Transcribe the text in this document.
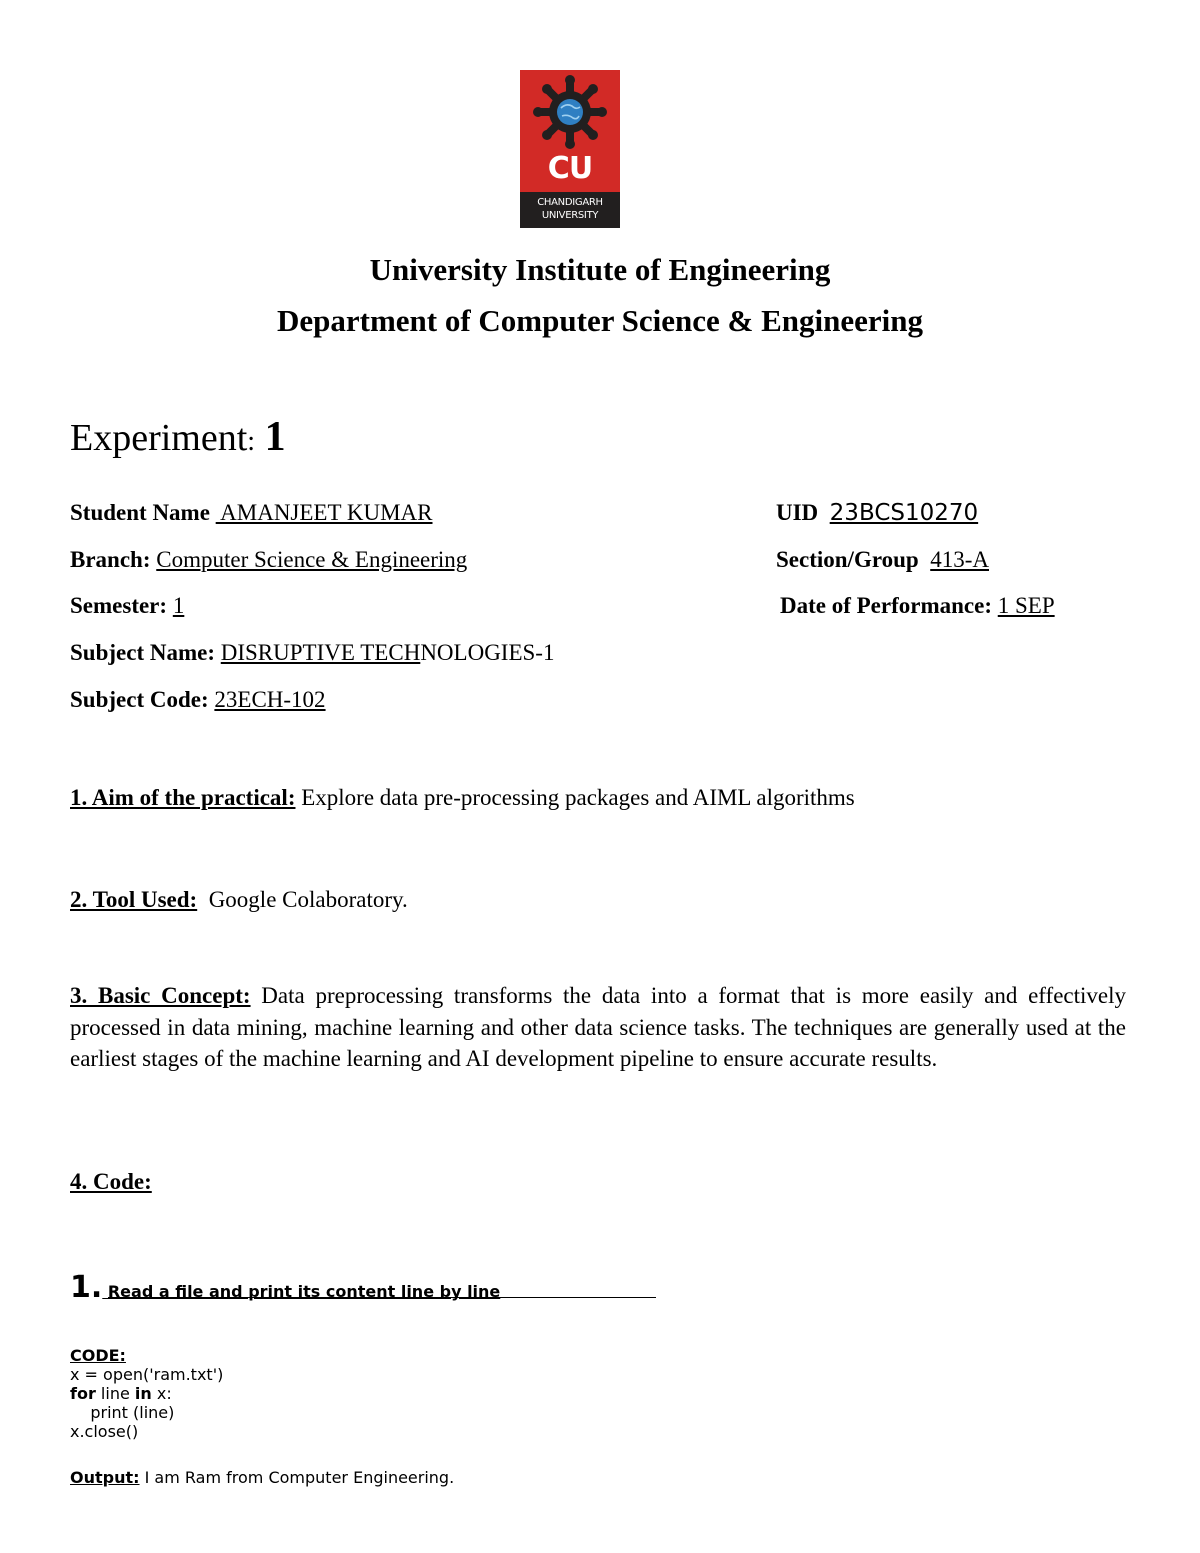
CU
CHANDIGARH
UNIVERSITY
University Institute of Engineering
Department of Computer Science & Engineering
Experiment: 1
Student Name  AMANJEET KUMAR	UID 23BCS10270
Branch: Computer Science & Engineering	Section/Group 413-A
Semester: 1	Date of Performance: 1 SEP
Subject Name: DISRUPTIVE TECHNOLOGIES-1
Subject Code: 23ECH-102
1. Aim of the practical: Explore data pre-processing packages and AIML algorithms
2. Tool Used:  Google Colaboratory.
3. Basic Concept: Data preprocessing transforms the data into a format that is more easily and effectively processed in data mining, machine learning and other data science tasks. The techniques are generally used at the earliest stages of the machine learning and AI development pipeline to ensure accurate results.
4. Code:
1. Read a file and print its content line by line
CODE:
x = open('ram.txt')
for line in x:
print (line)
x.close()
Output: I am Ram from Computer Engineering.
